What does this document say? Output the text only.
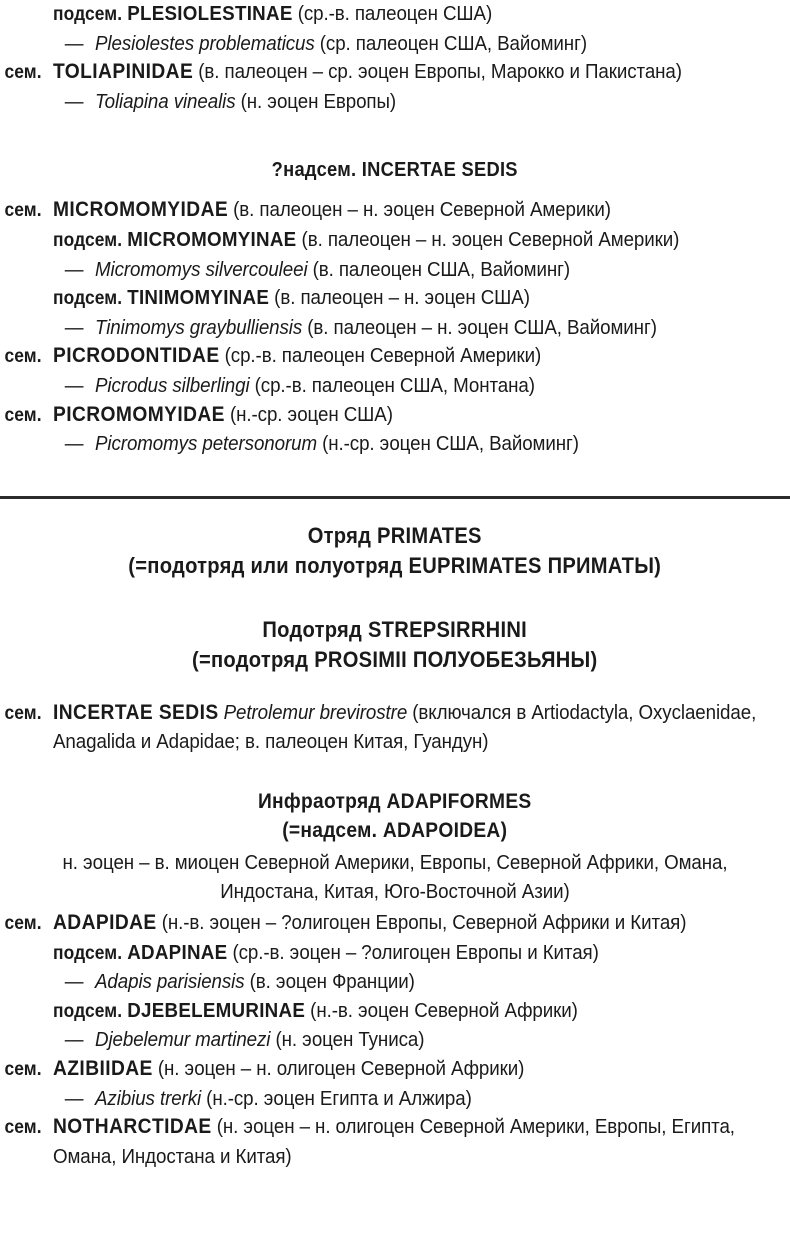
подсем. PLESIOLESTINAE (ср.-в. палеоцен США)
— Plesiolestes problematicus (ср. палеоцен США, Вайоминг)
сем. TOLIAPINIDAE (в. палеоцен – ср. эоцен Европы, Марокко и Пакистана)
— Toliapina vinealis (н. эоцен Европы)
?надсем. INCERTAE SEDIS
сем. MICROMOMYIDAE (в. палеоцен – н. эоцен Северной Америки)
подсем. MICROMOMYINAE (в. палеоцен – н. эоцен Северной Америки)
— Micromomys silvercouleei (в. палеоцен США, Вайоминг)
подсем. TINIMOMYINAE (в. палеоцен – н. эоцен США)
— Tinimomys graybulliensis (в. палеоцен – н. эоцен США, Вайоминг)
сем. PICRODONTIDAE (ср.-в. палеоцен Северной Америки)
— Picrodus silberlingi (ср.-в. палеоцен США, Монтана)
сем. PICROMOMYIDAE (н.-ср. эоцен США)
— Picromomys petersonorum (н.-ср. эоцен США, Вайоминг)
Отряд PRIMATES
(=подотряд или полуотряд EUPRIMATES ПРИМАТЫ)
Подотряд STREPSIRRHINI
(=подотряд PROSIMII ПОЛУОБЕЗЬЯНЫ)
сем. INCERTAE SEDIS Petrolemur brevirostre (включался в Artiodactyla, Oxyclaenidae, Anagalida и Adapidae; в. палеоцен Китая, Гуандун)
Инфраотряд ADAPIFORMES
(=надсем. ADAPOIDEA)
н. эоцен – в. миоцен Северной Америки, Европы, Северной Африки, Омана, Индостана, Китая, Юго-Восточной Азии)
сем. ADAPIDAE (н.-в. эоцен – ?олигоцен Европы, Северной Африки и Китая)
подсем. ADAPINAE (ср.-в. эоцен – ?олигоцен Европы и Китая)
— Adapis parisiensis (в. эоцен Франции)
подсем. DJEBELEMURINAE (н.-в. эоцен Северной Африки)
— Djebelemur martinezi (н. эоцен Туниса)
сем. AZIBIIDAE (н. эоцен – н. олигоцен Северной Африки)
— Azibius trerki (н.-ср. эоцен Египта и Алжира)
сем. NOTHARCTIDAE (н. эоцен – н. олигоцен Северной Америки, Европы, Египта, Омана, Индостана и Китая)
